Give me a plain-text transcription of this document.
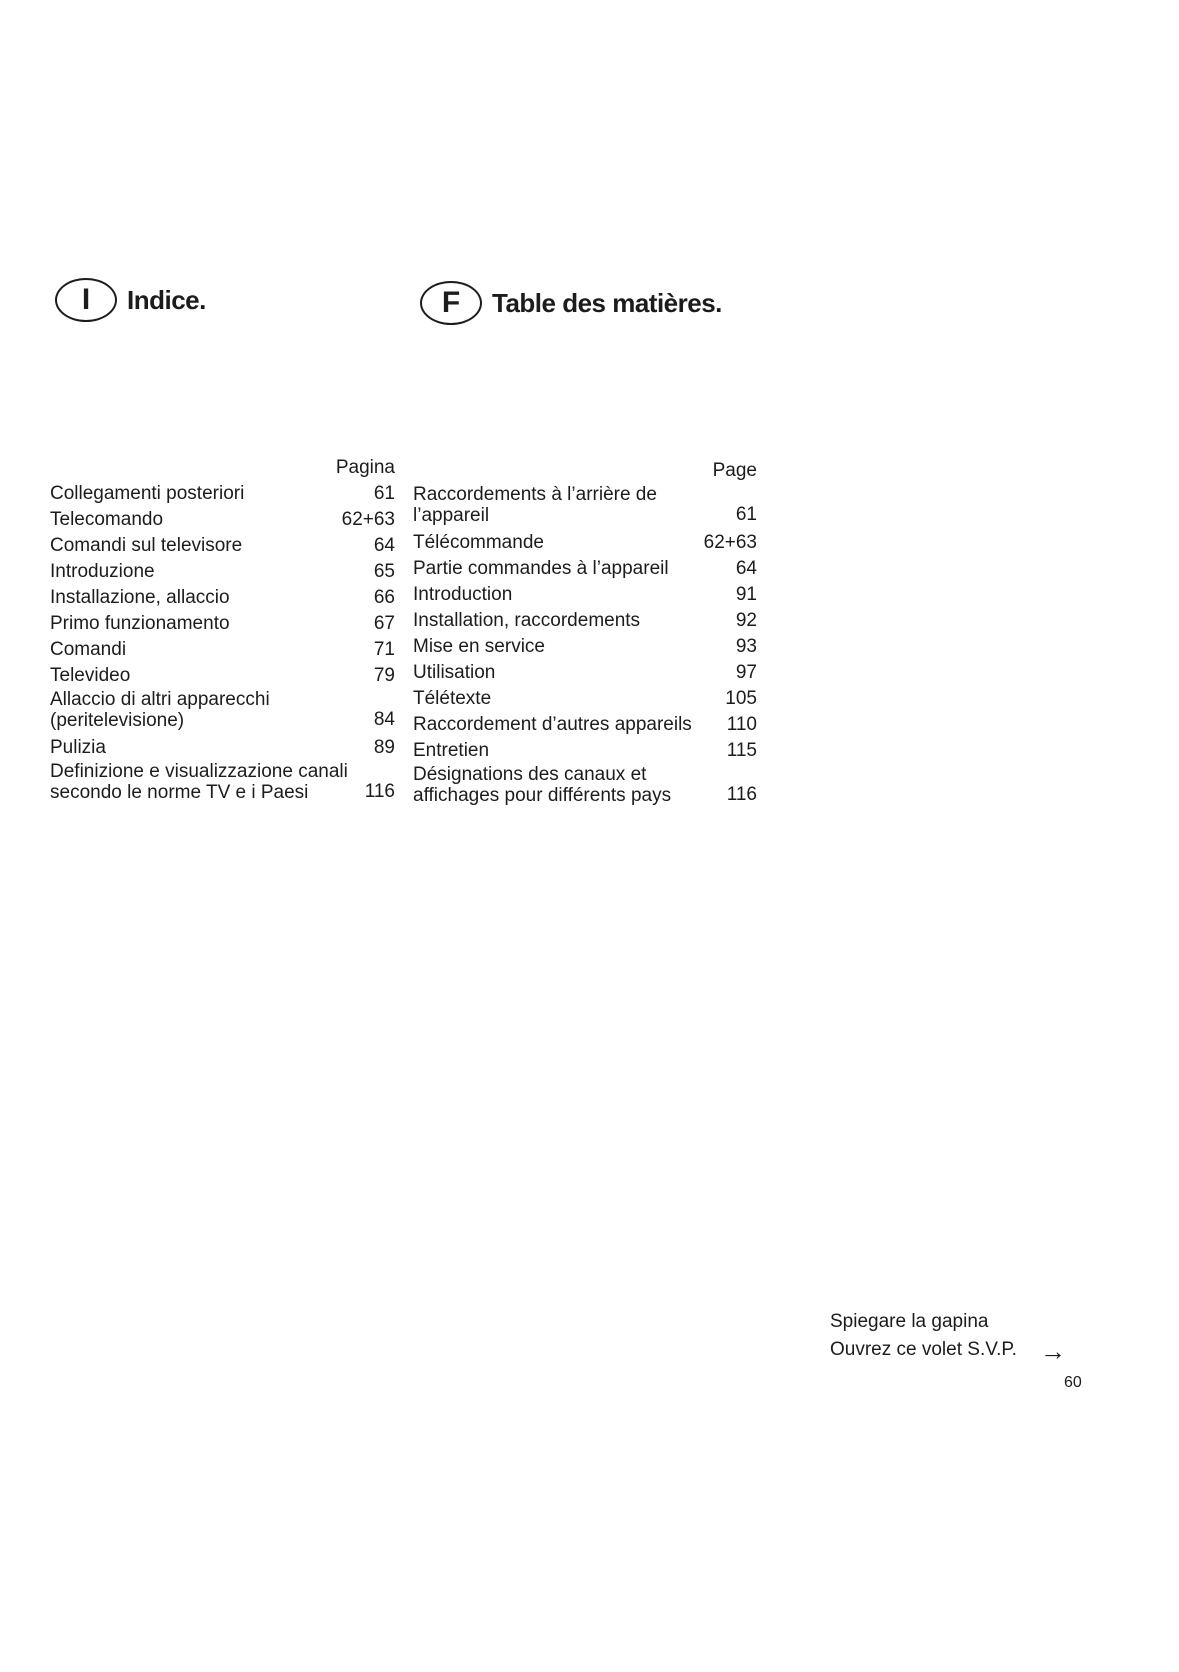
I	Indice.	F	Table des matières.
Pagina
Collegamenti posteriori	61
Telecomando	62+63
Comandi sul televisore	64
Introduzione	65
Installazione, allaccio	66
Primo funzionamento	67
Comandi	71
Televideo	79
Allaccio di altri apparecchi (peritelevisione)	84
Pulizia	89
Definizione e visualizzazione canali secondo le norme TV e i Paesi	116
Page
Raccordements à l’arrière de l’appareil	61
Télécommande	62+63
Partie commandes à l’appareil	64
Introduction	91
Installation, raccordements	92
Mise en service	93
Utilisation	97
Télétexte	105
Raccordement d’autres appareils	110
Entretien	115
Désignations des canaux et affichages pour différents pays	116
Spiegare la gapina
Ouvrez ce volet S.V.P. →
60
